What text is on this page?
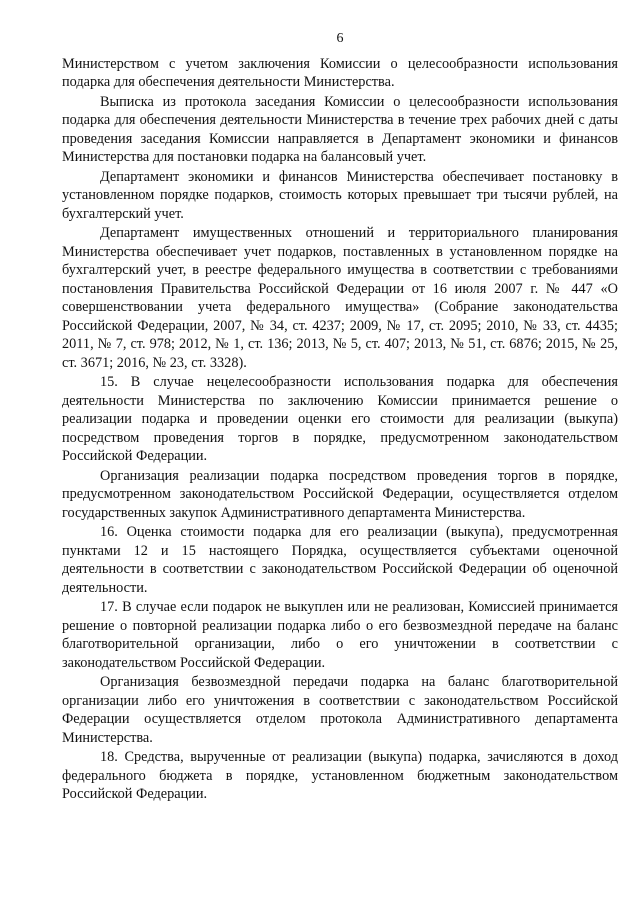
6

Министерством с учетом заключения Комиссии о целесообразности использования подарка для обеспечения деятельности Министерства.

Выписка из протокола заседания Комиссии о целесообразности использования подарка для обеспечения деятельности Министерства в течение трех рабочих дней с даты проведения заседания Комиссии направляется в Департамент экономики и финансов Министерства для постановки подарка на балансовый учет.

Департамент экономики и финансов Министерства обеспечивает постановку в установленном порядке подарков, стоимость которых превышает три тысячи рублей, на бухгалтерский учет.

Департамент имущественных отношений и территориального планирования Министерства обеспечивает учет подарков, поставленных в установленном порядке на бухгалтерский учет, в реестре федерального имущества в соответствии с требованиями постановления Правительства Российской Федерации от 16 июля 2007 г. № 447 «О совершенствовании учета федерального имущества» (Собрание законодательства Российской Федерации, 2007, № 34, ст. 4237; 2009, № 17, ст. 2095; 2010, № 33, ст. 4435; 2011, № 7, ст. 978; 2012, № 1, ст. 136; 2013, № 5, ст. 407; 2013, № 51, ст. 6876; 2015, № 25, ст. 3671; 2016, № 23, ст. 3328).

15. В случае нецелесообразности использования подарка для обеспечения деятельности Министерства по заключению Комиссии принимается решение о реализации подарка и проведении оценки его стоимости для реализации (выкупа) посредством проведения торгов в порядке, предусмотренном законодательством Российской Федерации.

Организация реализации подарка посредством проведения торгов в порядке, предусмотренном законодательством Российской Федерации, осуществляется отделом государственных закупок Административного департамента Министерства.

16. Оценка стоимости подарка для его реализации (выкупа), предусмотренная пунктами 12 и 15 настоящего Порядка, осуществляется субъектами оценочной деятельности в соответствии с законодательством Российской Федерации об оценочной деятельности.

17. В случае если подарок не выкуплен или не реализован, Комиссией принимается решение о повторной реализации подарка либо о его безвозмездной передаче на баланс благотворительной организации, либо о его уничтожении в соответствии с законодательством Российской Федерации.

Организация безвозмездной передачи подарка на баланс благотворительной организации либо его уничтожения в соответствии с законодательством Российской Федерации осуществляется отделом протокола Административного департамента Министерства.

18. Средства, вырученные от реализации (выкупа) подарка, зачисляются в доход федерального бюджета в порядке, установленном бюджетным законодательством Российской Федерации.
